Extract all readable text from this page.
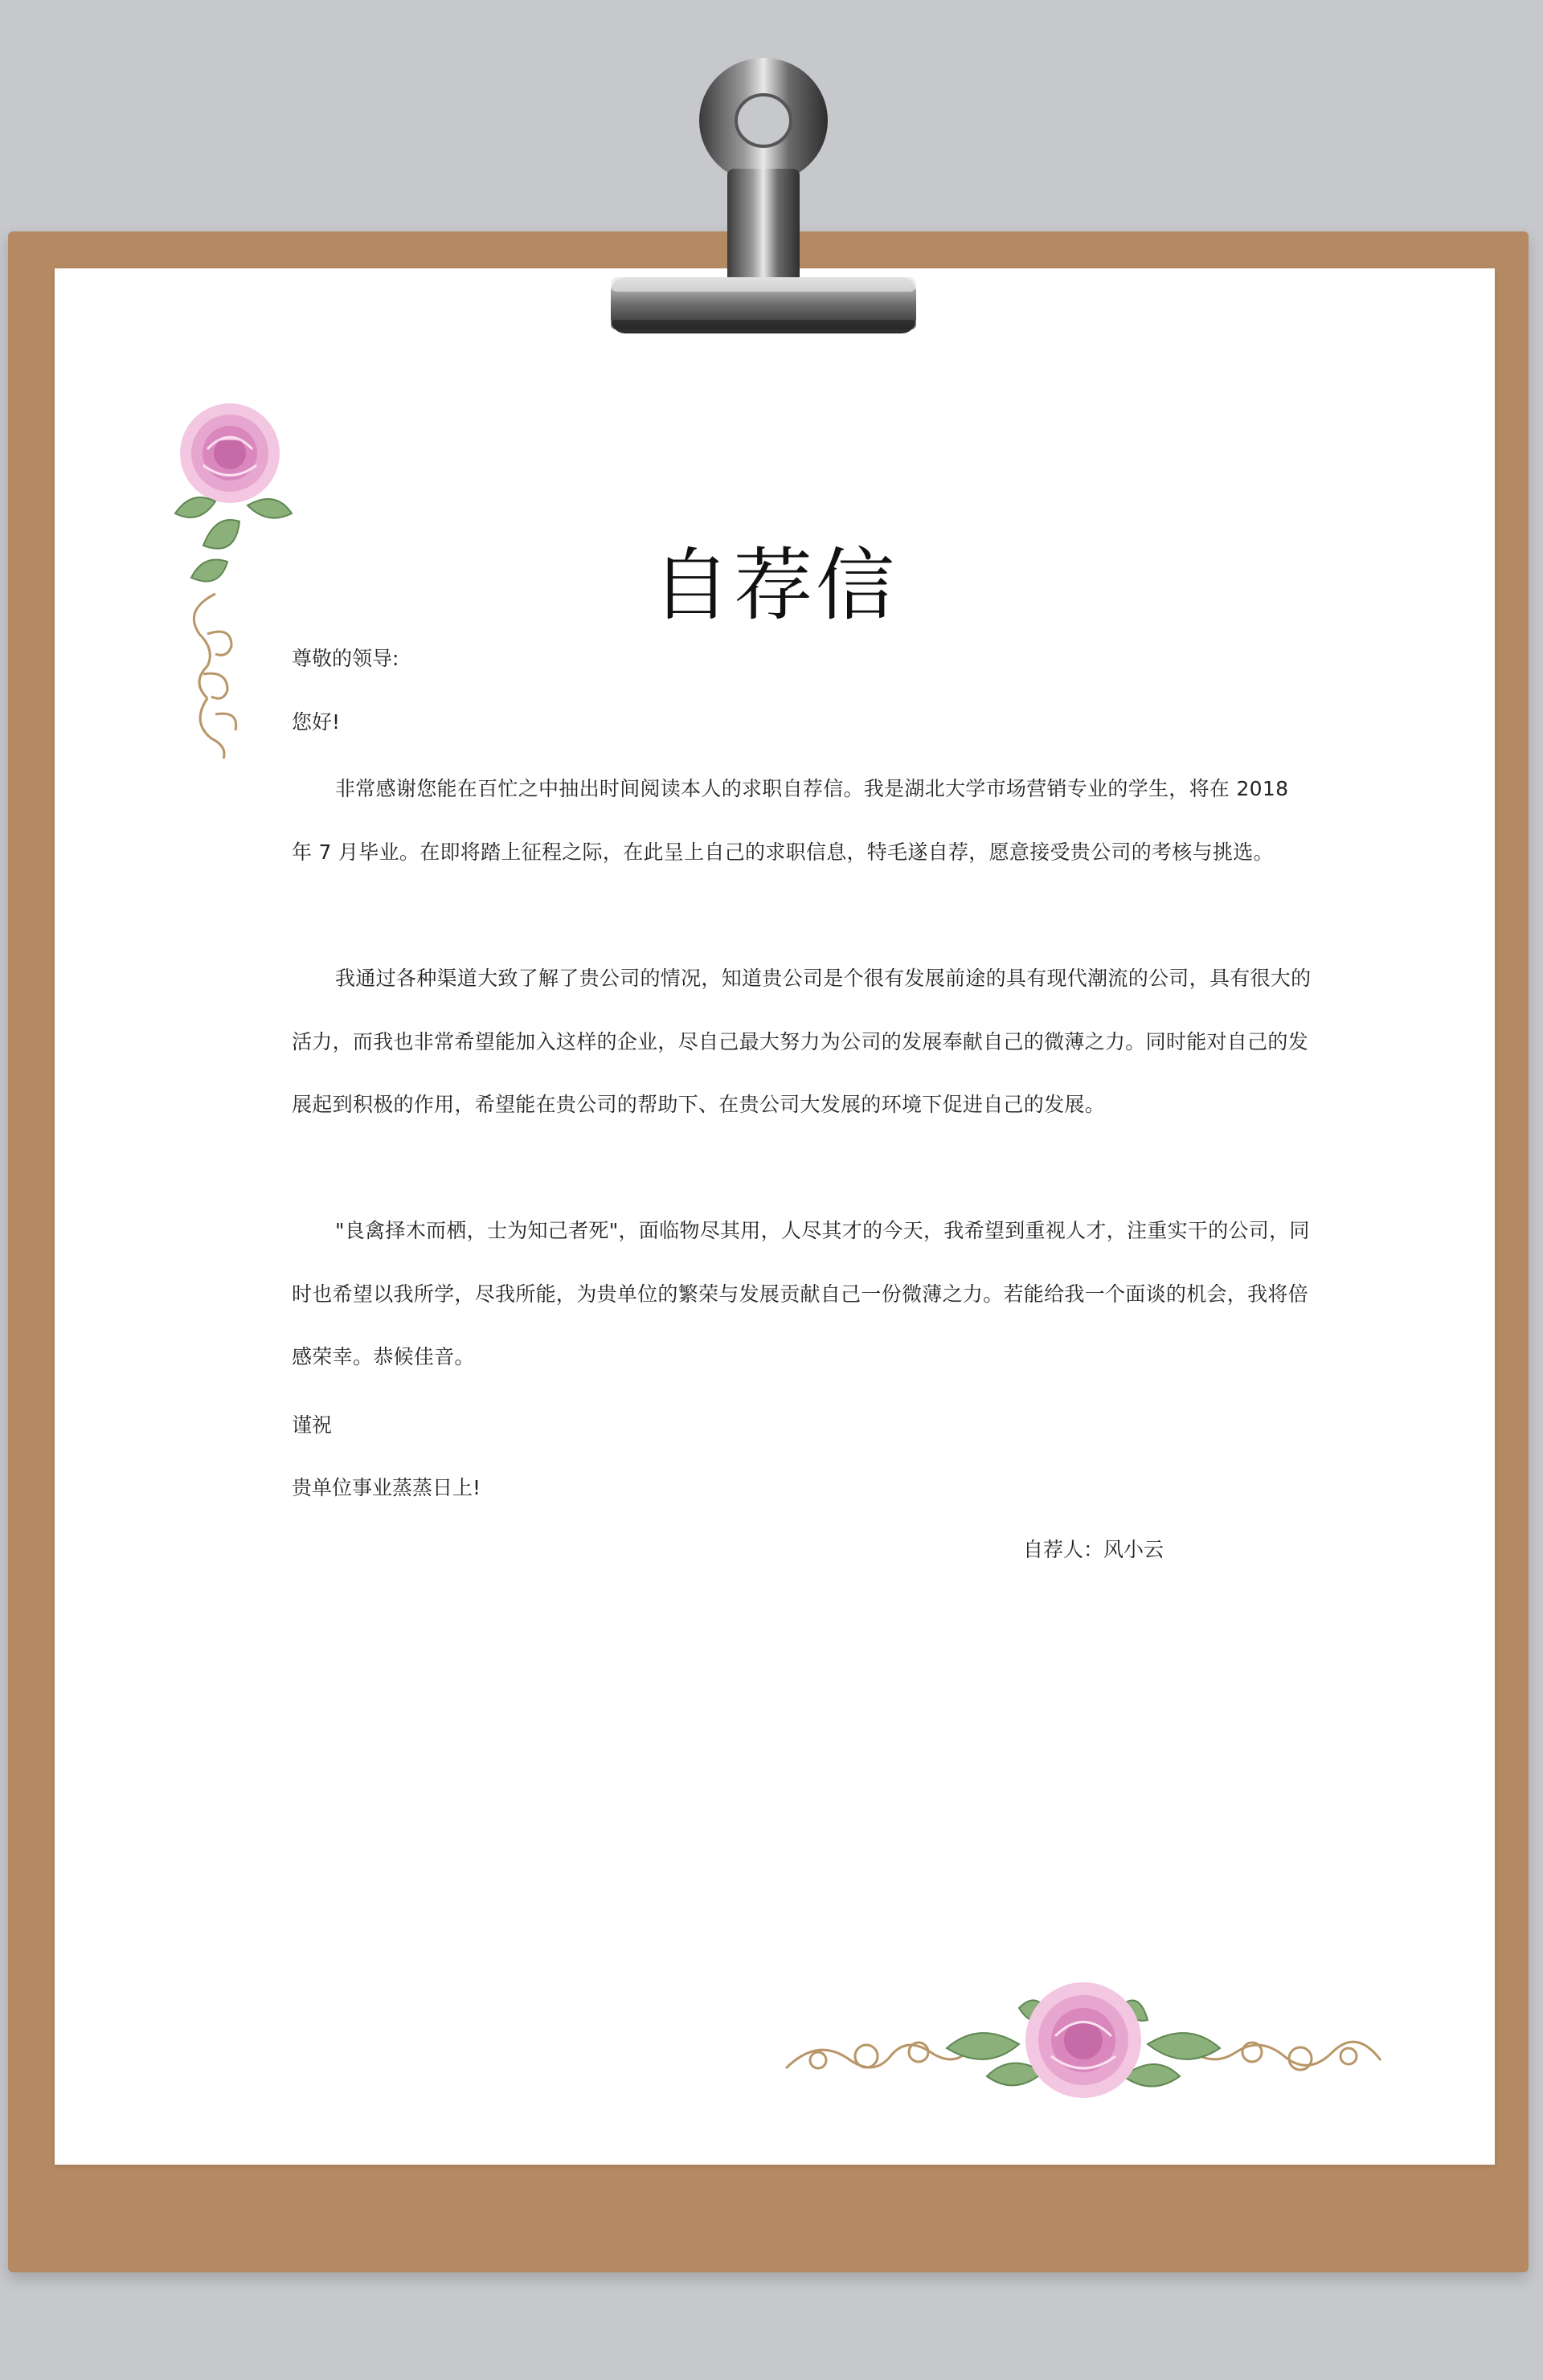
自荐信

尊敬的领导:

您好!

非常感谢您能在百忙之中抽出时间阅读本人的求职自荐信。我是湖北大学市场营销专业的学生，将在 2018 年 7 月毕业。在即将踏上征程之际，在此呈上自己的求职信息，特毛遂自荐，愿意接受贵公司的考核与挑选。

我通过各种渠道大致了解了贵公司的情况，知道贵公司是个很有发展前途的具有现代潮流的公司，具有很大的活力，而我也非常希望能加入这样的企业，尽自己最大努力为公司的发展奉献自己的微薄之力。同时能对自己的发展起到积极的作用，希望能在贵公司的帮助下、在贵公司大发展的环境下促进自己的发展。

"良禽择木而栖，士为知己者死"，面临物尽其用，人尽其才的今天，我希望到重视人才，注重实干的公司，同时也希望以我所学，尽我所能，为贵单位的繁荣与发展贡献自己一份微薄之力。若能给我一个面谈的机会，我将倍感荣幸。恭候佳音。

谨祝

贵单位事业蒸蒸日上!

自荐人：风小云
